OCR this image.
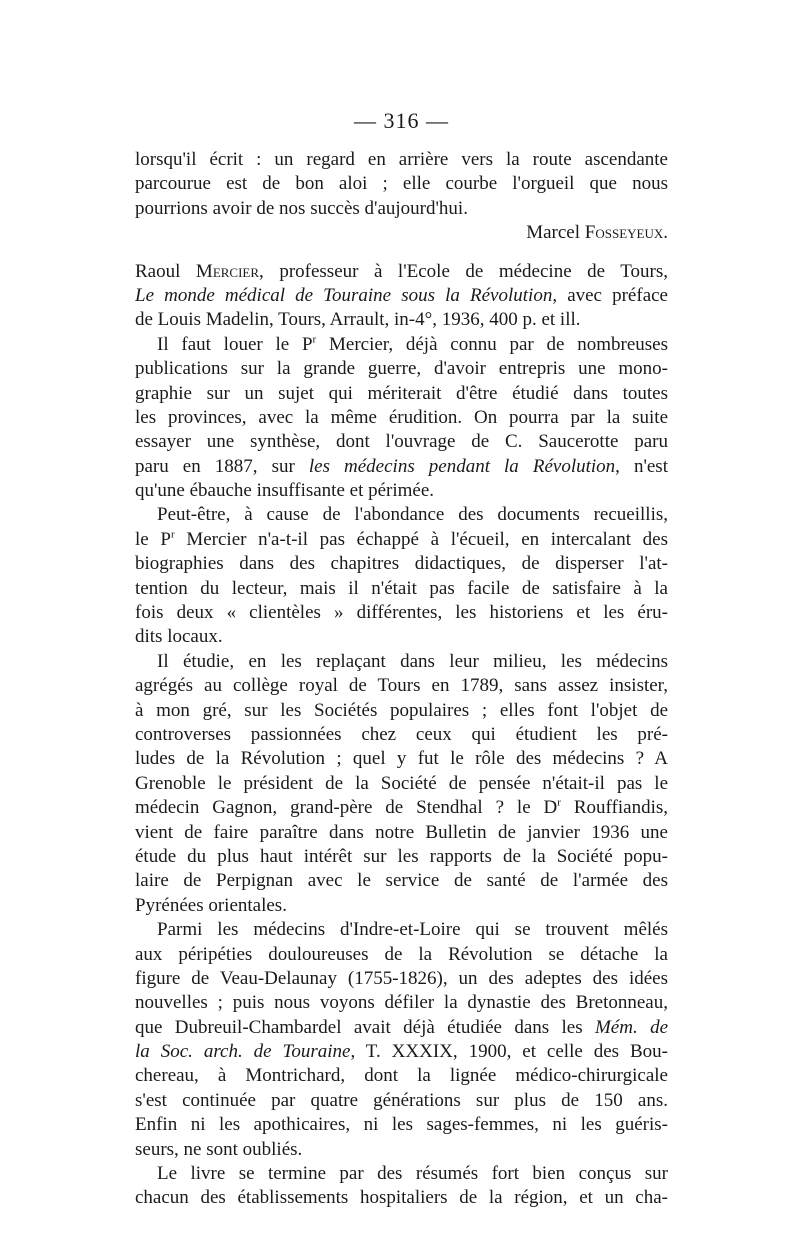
— 316 —
lorsqu'il écrit : un regard en arrière vers la route ascendante
parcourue est de bon aloi ; elle courbe l'orgueil que nous
pourrions avoir de nos succès d'aujourd'hui.
Marcel Fosseyeux.
Raoul Mercier, professeur à l'Ecole de médecine de Tours,
Le monde médical de Touraine sous la Révolution, avec préface
de Louis Madelin, Tours, Arrault, in-4°, 1936, 400 p. et ill.
Il faut louer le $P^r$ Mercier, déjà connu par de nombreuses
publications sur la grande guerre, d'avoir entrepris une mono-
graphie sur un sujet qui mériterait d'être étudié dans toutes
les provinces, avec la même érudition. On pourra par la suite
essayer une synthèse, dont l'ouvrage de C. Saucerotte paru
paru en 1887, sur les médecins pendant la Révolution, n'est
qu'une ébauche insuffisante et périmée.
Peut-être, à cause de l'abondance des documents recueillis,
le $P^r$ Mercier n'a-t-il pas échappé à l'écueil, en intercalant des
biographies dans des chapitres didactiques, de disperser l'at-
tention du lecteur, mais il n'était pas facile de satisfaire à la
fois deux « clientèles » différentes, les historiens et les éru-
dits locaux.
Il étudie, en les replaçant dans leur milieu, les médecins
agrégés au collège royal de Tours en 1789, sans assez insister,
à mon gré, sur les Sociétés populaires ; elles font l'objet de
controverses passionnées chez ceux qui étudient les pré-
ludes de la Révolution ; quel y fut le rôle des médecins ? A
Grenoble le président de la Société de pensée n'était-il pas le
médecin Gagnon, grand-père de Stendhal ? le $D^r$ Rouffiandis,
vient de faire paraître dans notre Bulletin de janvier 1936 une
étude du plus haut intérêt sur les rapports de la Société popu-
laire de Perpignan avec le service de santé de l'armée des
Pyrénées orientales.
Parmi les médecins d'Indre-et-Loire qui se trouvent mêlés
aux péripéties douloureuses de la Révolution se détache la
figure de Veau-Delaunay (1755-1826), un des adeptes des idées
nouvelles ; puis nous voyons défiler la dynastie des Bretonneau,
que Dubreuil-Chambardel avait déjà étudiée dans les Mém. de
la Soc. arch. de Touraine, T. XXXIX, 1900, et celle des Bou-
chereau, à Montrichard, dont la lignée médico-chirurgicale
s'est continuée par quatre générations sur plus de 150 ans.
Enfin ni les apothicaires, ni les sages-femmes, ni les guéris-
seurs, ne sont oubliés.
Le livre se termine par des résumés fort bien conçus sur
chacun des établissements hospitaliers de la région, et un cha-
